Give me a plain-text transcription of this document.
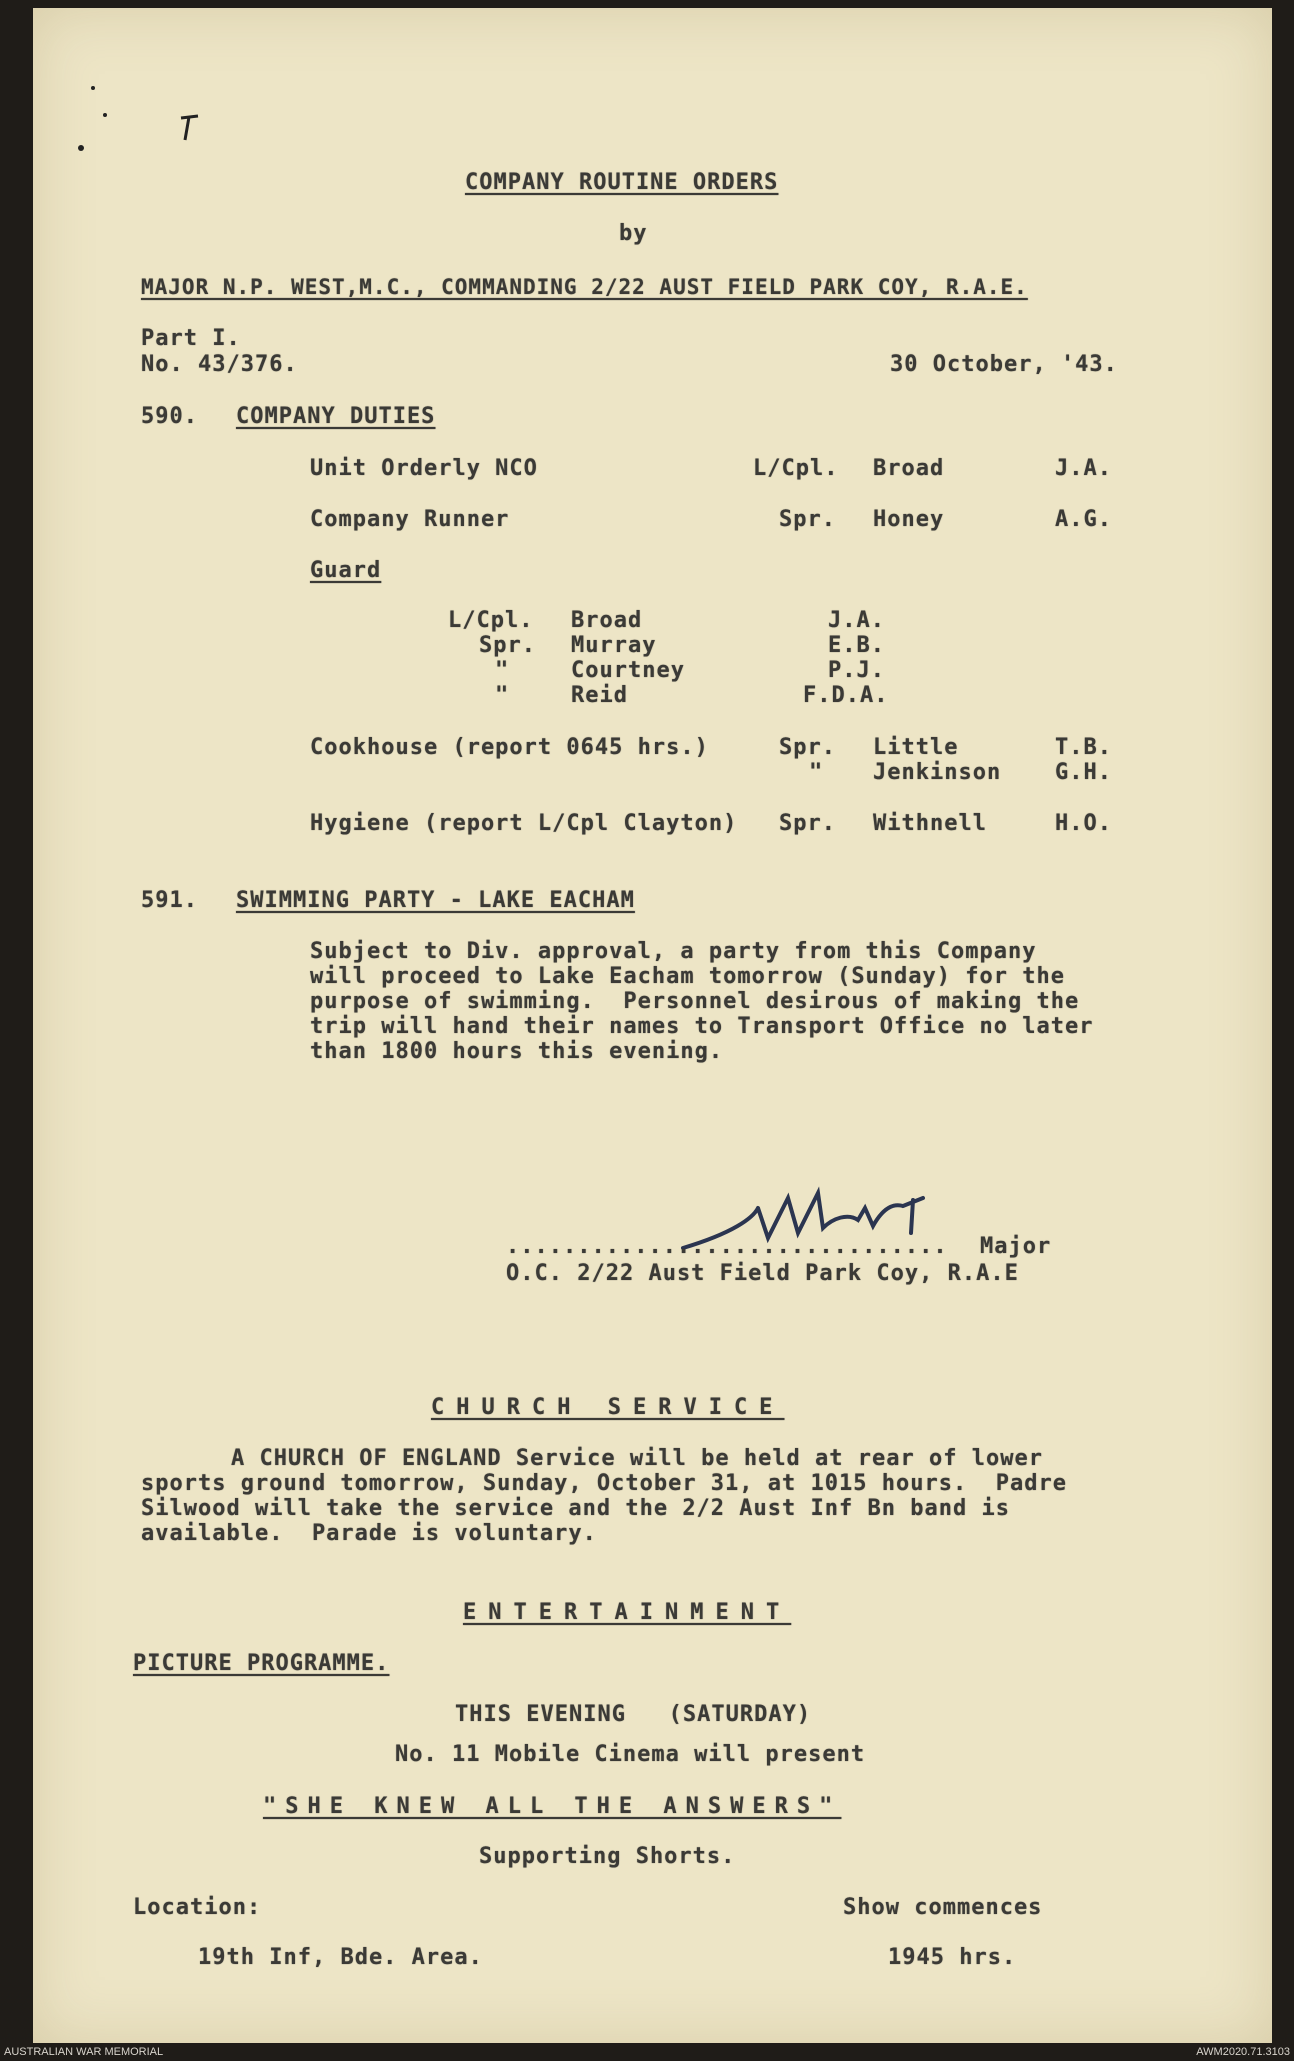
COMPANY ROUTINE ORDERS
by
MAJOR N.P. WEST,M.C., COMMANDING 2/22 AUST FIELD PARK COY, R.A.E.
Part I.
No. 43/376.	30 October, '43.
590. COMPANY DUTIES
Unit Orderly NCO	L/Cpl. Broad	J.A.
Company Runner	Spr. Honey	A.G.
Guard
L/Cpl. Broad	J.A.
Spr. Murray	E.B.
"	Courtney	P.J.
"	Reid	F.D.A.
Cookhouse (report 0645 hrs.)	Spr. Little	T.B.
" Jenkinson G.H.
Hygiene (report L/Cpl Clayton) Spr. Withnell	H.O.
591. SWIMMING PARTY - LAKE EACHAM
Subject to Div. approval, a party from this Company
will proceed to Lake Eacham tomorrow (Sunday) for the
purpose of swimming.  Personnel desirous of making the
trip will hand their names to Transport Office no later
than 1800 hours this evening.
............................... Major
O.C. 2/22 Aust Field Park Coy, R.A.E
CHURCH SERVICE
A CHURCH OF ENGLAND Service will be held at rear of lower
sports ground tomorrow, Sunday, October 31, at 1015 hours.  Padre
Silwood will take the service and the 2/2 Aust Inf Bn band is
available.  Parade is voluntary.
ENTERTAINMENT
PICTURE PROGRAMME.
THIS EVENING   (SATURDAY)
No. 11 Mobile Cinema will present
"SHE KNEW ALL THE ANSWERS"
Supporting Shorts.
Location:	Show commences
19th Inf, Bde. Area.	1945 hrs.
AUSTRALIAN WAR MEMORIAL	AWM2020.71.3103
